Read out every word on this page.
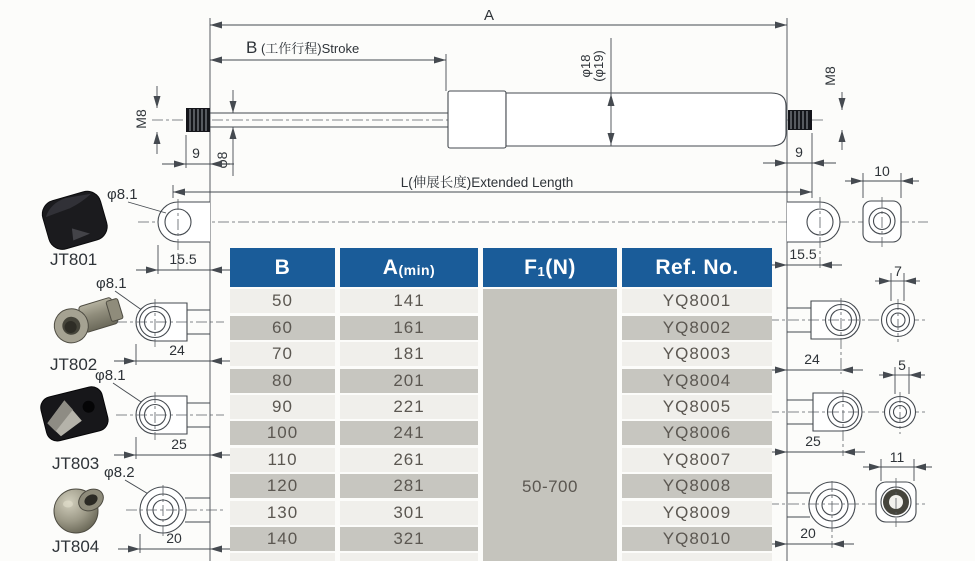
A
B (工作行程)Stroke
L(伸展长度)Extended Length
φ8
φ18
(φ19)
M8
M8
9	9
15.5	15.5
JT801
φ8.1
JT802
φ8.1
24
JT803
φ8.1
25
JT804
φ8.2
20
10
24
7
25
5
20
11
B	A (min)	$F_1$ (N)	Ref. No.
50-700
50	141	YQ8001
60	161	YQ8002
70	181	YQ8003
80	201	YQ8004
90	221	YQ8005
100	241	YQ8006
110	261	YQ8007
120	281	YQ8008
130	301	YQ8009
140	321	YQ8010
